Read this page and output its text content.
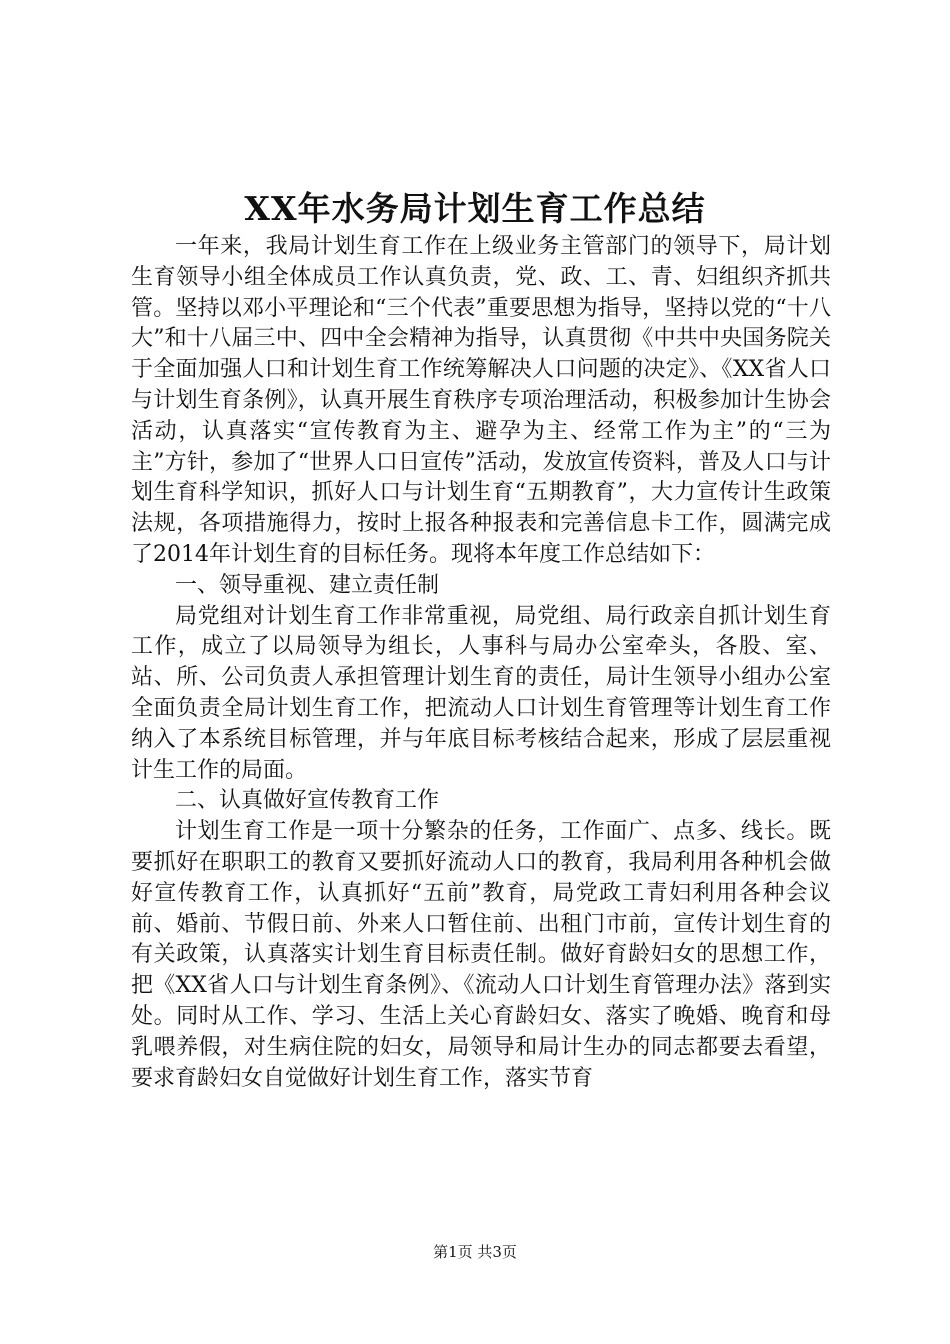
XX年水务局计划生育工作总结

一年来，我局计划生育工作在上级业务主管部门的领导下，局计划生育领导小组全体成员工作认真负责，党、政、工、青、妇组织齐抓共管。坚持以邓小平理论和“三个代表”重要思想为指导，坚持以党的“十八大”和十八届三中、四中全会精神为指导，认真贯彻《中共中央国务院关于全面加强人口和计划生育工作统筹解决人口问题的决定》、《XX省人口与计划生育条例》，认真开展生育秩序专项治理活动，积极参加计生协会活动，认真落实“宣传教育为主、避孕为主、经常工作为主”的“三为主”方针，参加了“世界人口日宣传”活动，发放宣传资料，普及人口与计划生育科学知识，抓好人口与计划生育“五期教育”，大力宣传计生政策法规，各项措施得力，按时上报各种报表和完善信息卡工作，圆满完成了2014年计划生育的目标任务。现将本年度工作总结如下：

一、领导重视、建立责任制

局党组对计划生育工作非常重视，局党组、局行政亲自抓计划生育工作，成立了以局领导为组长，人事科与局办公室牵头，各股、室、站、所、公司负责人承担管理计划生育的责任，局计生领导小组办公室全面负责全局计划生育工作，把流动人口计划生育管理等计划生育工作纳入了本系统目标管理，并与年底目标考核结合起来，形成了层层重视计生工作的局面。

二、认真做好宣传教育工作

计划生育工作是一项十分繁杂的任务，工作面广、点多、线长。既要抓好在职职工的教育又要抓好流动人口的教育，我局利用各种机会做好宣传教育工作，认真抓好“五前”教育，局党政工青妇利用各种会议前、婚前、节假日前、外来人口暂住前、出租门市前，宣传计划生育的有关政策，认真落实计划生育目标责任制。做好育龄妇女的思想工作，把《XX省人口与计划生育条例》、《流动人口计划生育管理办法》落到实处。同时从工作、学习、生活上关心育龄妇女、落实了晚婚、晚育和母乳喂养假，对生病住院的妇女，局领导和局计生办的同志都要去看望，要求育龄妇女自觉做好计划生育工作，落实节育

第1页 共3页
